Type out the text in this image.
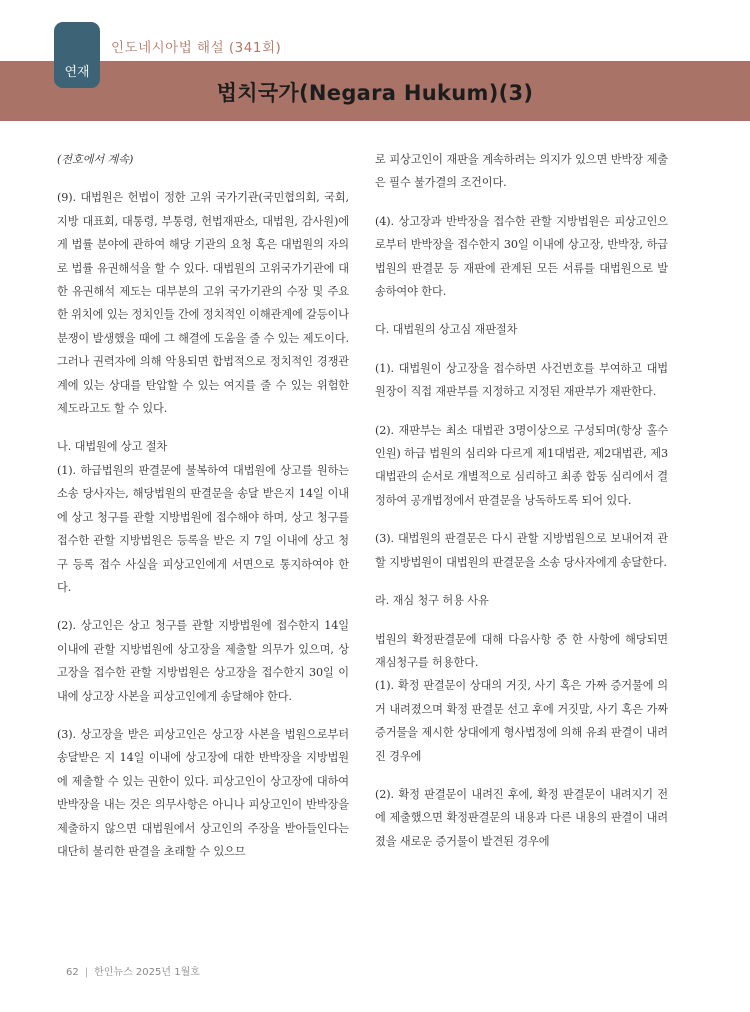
연재
인도네시아법 해설 (341회)
법치국가(Negara Hukum)(3)

(전호에서 계속)

(9). 대법원은 헌법이 정한 고위 국가기관(국민협의회, 국회, 지방 대표회, 대통령, 부통령, 헌법재판소, 대법원, 감사원)에게 법률 분야에 관하여 해당 기관의 요청 혹은 대법원의 자의로 법률 유권해석을 할 수 있다. 대법원의 고위국가기관에 대한 유권해석 제도는 대부분의 고위 국가기관의 수장 및 주요한 위치에 있는 정치인들 간에 정치적인 이해관계에 갈등이나 분쟁이 발생했을 때에 그 해결에 도움을 줄 수 있는 제도이다. 그러나 권력자에 의해 악용되면 합법적으로 정치적인 경쟁관계에 있는 상대를 탄압할 수 있는 여지를 줄 수 있는 위험한 제도라고도 할 수 있다.

나. 대법원에 상고 절차

(1). 하급법원의 판결문에 불복하여 대법원에 상고를 원하는 소송 당사자는, 해당법원의 판결문을 송달 받은지 14일 이내에 상고 청구를 관할 지방법원에 접수해야 하며, 상고 청구를 접수한 관할 지방법원은 등록을 받은 지 7일 이내에 상고 청구 등록 접수 사실을 피상고인에게 서면으로 통지하여야 한다.

(2). 상고인은 상고 청구를 관할 지방법원에 접수한지 14일 이내에 관할 지방법원에 상고장을 제출할 의무가 있으며, 상고장을 접수한 관할 지방법원은 상고장을 접수한지 30일 이내에 상고장 사본을 피상고인에게 송달해야 한다.

(3). 상고장을 받은 피상고인은 상고장 사본을 법원으로부터 송달받은 지 14일 이내에 상고장에 대한 반박장을 지방법원에 제출할 수 있는 권한이 있다. 피상고인이 상고장에 대하여 반박장을 내는 것은 의무사항은 아니나 피상고인이 반박장을 제출하지 않으면 대법원에서 상고인의 주장을 받아들인다는 대단히 불리한 판결을 초래할 수 있으므

로 피상고인이 재판을 계속하려는 의지가 있으면 반박장 제출은 필수 불가결의 조건이다.

(4). 상고장과 반박장을 접수한 관할 지방법원은 피상고인으로부터 반박장을 접수한지 30일 이내에 상고장, 반박장, 하급법원의 판결문 등 재판에 관계된 모든 서류를 대법원으로 발송하여야 한다.

다. 대법원의 상고심 재판절차

(1). 대법원이 상고장을 접수하면 사건번호를 부여하고 대법원장이 직접 재판부를 지정하고 지정된 재판부가 재판한다.

(2). 재판부는 최소 대법관 3명이상으로 구성되며(항상 홀수 인원) 하급 법원의 심리와 다르게 제1대법관, 제2대법관, 제3대법관의 순서로 개별적으로 심리하고 최종 합동 심리에서 결정하여 공개법정에서 판결문을 낭독하도록 되어 있다.

(3). 대법원의 판결문은 다시 관할 지방법원으로 보내어져 관할 지방법원이 대법원의 판결문을 소송 당사자에게 송달한다.

라. 재심 청구 허용 사유

법원의 확정판결문에 대해 다음사항 중 한 사항에 해당되면 재심청구를 허용한다.

(1). 확정 판결문이 상대의 거짓, 사기 혹은 가짜 증거물에 의거 내려졌으며 확정 판결문 선고 후에 거짓말, 사기 혹은 가짜 증거물을 제시한 상대에게 형사법정에 의해 유죄 판결이 내려진 경우에

(2). 확정 판결문이 내려진 후에, 확정 판결문이 내려지기 전에 제출했으면 확정판결문의 내용과 다른 내용의 판결이 내려졌을 새로운 증거물이 발견된 경우에

62 | 한인뉴스 2025년 1월호
